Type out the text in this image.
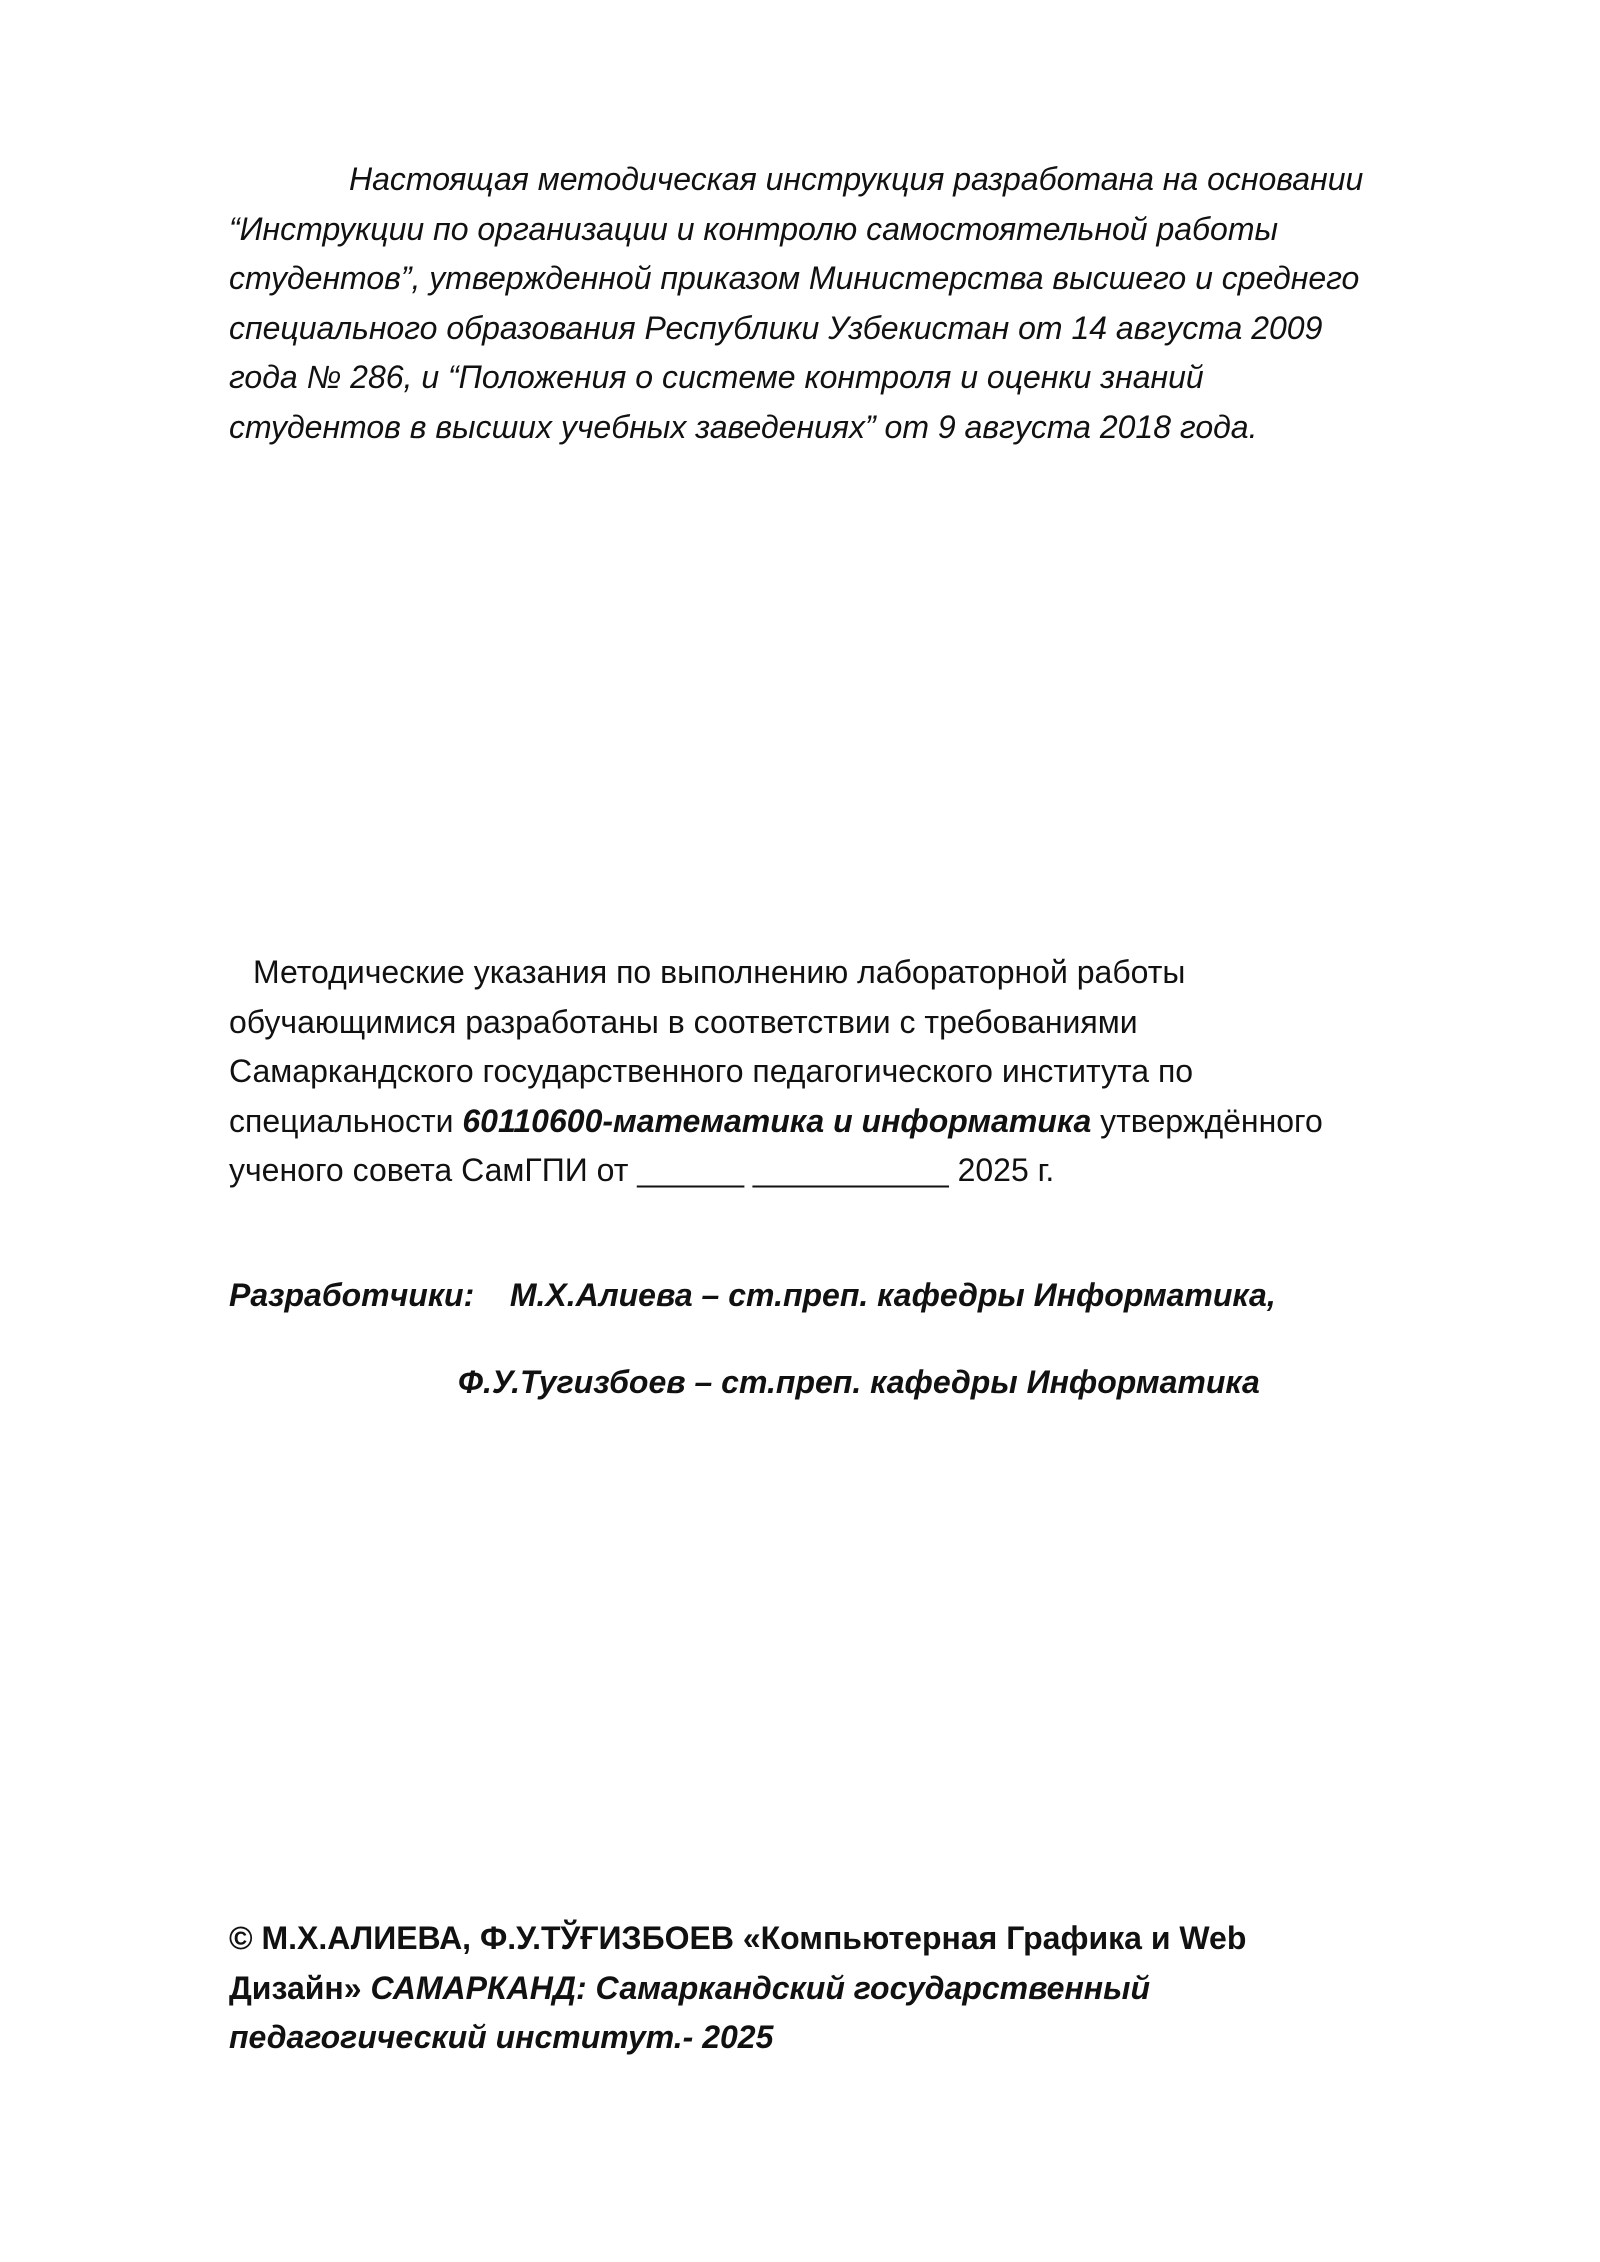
Настоящая методическая инструкция разработана на основании
“Инструкции по организации и контролю самостоятельной работы
студентов”, утвержденной приказом Министерства высшего и среднего
специального образования Республики Узбекистан от 14 августа 2009
года № 286, и “Положения о системе контроля и оценки знаний
студентов в высших учебных заведениях” от 9 августа 2018 года.
Методические указания по выполнению лабораторной работы
обучающимися разработаны в соответствии с требованиями
Самаркандского государственного педагогического института по
специальности 60110600-математика и информатика утверждённого
ученого совета СамГПИ от ______ ___________ 2025 г.
Разработчики: М.Х.Алиева – ст.преп. кафедры Информатика,
Ф.У.Тугизбоев – ст.преп. кафедры Информатика
© М.Х.АЛИЕВА, Ф.У.ТЎҒИЗБОЕВ «Компьютерная Графика и Web
Дизайн» САМАРКАНД: Самаркандский государственный
педагогический институт.- 2025
